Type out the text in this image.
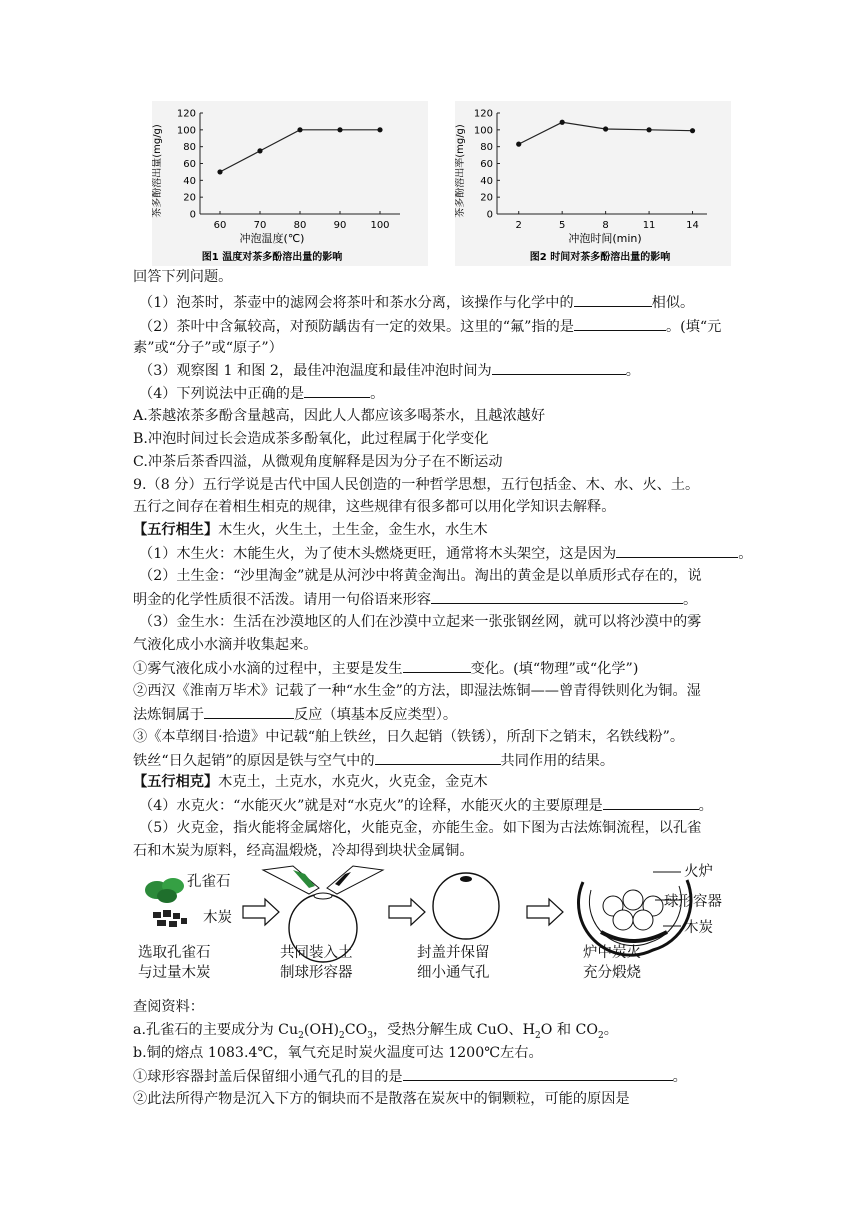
0
20
40
60
80
100
120
60	70	80	90 100
茶多酚溶出量(mg/g)
冲泡温度(℃)
图1 温度对茶多酚溶出量的影响
0
20
40
60
80
100
120
2	5	8	11	14
茶多酚溶出率(mg/g)
冲泡时间(min)
图2 时间对茶多酚溶出量的影响
回答下列问题。
（1）泡茶时，茶壶中的滤网会将茶叶和茶水分离，该操作与化学中的	相似。
（2）茶叶中含氟较高，对预防龋齿有一定的效果。这里的“氟”指的是	。(填“元
素”或“分子”或“原子”）
（3）观察图 1 和图 2，最佳冲泡温度和最佳冲泡时间为	。
（4）下列说法中正确的是	。
A.茶越浓茶多酚含量越高，因此人人都应该多喝茶水，且越浓越好
B.冲泡时间过长会造成茶多酚氧化，此过程属于化学变化
C.冲茶后茶香四溢，从微观角度解释是因为分子在不断运动
9.（8 分）五行学说是古代中国人民创造的一种哲学思想，五行包括金、木、水、火、土。
五行之间存在着相生相克的规律，这些规律有很多都可以用化学知识去解释。
【五行相生】木生火，火生土，土生金，金生水，水生木
（1）木生火：木能生火，为了使木头燃烧更旺，通常将木头架空，这是因为	。
（2）土生金：“沙里淘金”就是从河沙中将黄金淘出。淘出的黄金是以单质形式存在的，说
明金的化学性质很不活泼。请用一句俗语来形容	。
（3）金生水：生活在沙漠地区的人们在沙漠中立起来一张张钢丝网，就可以将沙漠中的雾
气液化成小水滴并收集起来。
①雾气液化成小水滴的过程中，主要是发生	变化。(填“物理”或“化学”)
②西汉《淮南万毕术》记载了一种“水生金”的方法，即湿法炼铜——曾青得铁则化为铜。湿
法炼铜属于	反应（填基本反应类型）。
③《本草纲目·拾遗》中记载“舶上铁丝，日久起销（铁锈），所刮下之销末，名铁线粉”。
铁丝“日久起销”的原因是铁与空气中的	共同作用的结果。
【五行相克】木克土，土克水，水克火，火克金，金克木
（4）水克火：“水能灭火”就是对“水克火”的诠释，水能灭火的主要原理是	。
（5）火克金，指火能将金属熔化，火能克金，亦能生金。如下图为古法炼铜流程，以孔雀
石和木炭为原料，经高温煅烧，冷却得到块状金属铜。
孔雀石
木炭
选取孔雀石
与过量木炭
共同装入土
制球形容器
封盖并保留
细小通气孔
火炉
球形容器
木炭
炉中炭火
充分煅烧
查阅资料：
a.孔雀石的主要成分为 $Cu_2(OH)_2CO_3$，受热分解生成 CuO、$H_2O$ 和 $CO_2$。
b.铜的熔点 1083.4℃，氧气充足时炭火温度可达 1200℃左右。
①球形容器封盖后保留细小通气孔的目的是	。
②此法所得产物是沉入下方的铜块而不是散落在炭灰中的铜颗粒，可能的原因是
